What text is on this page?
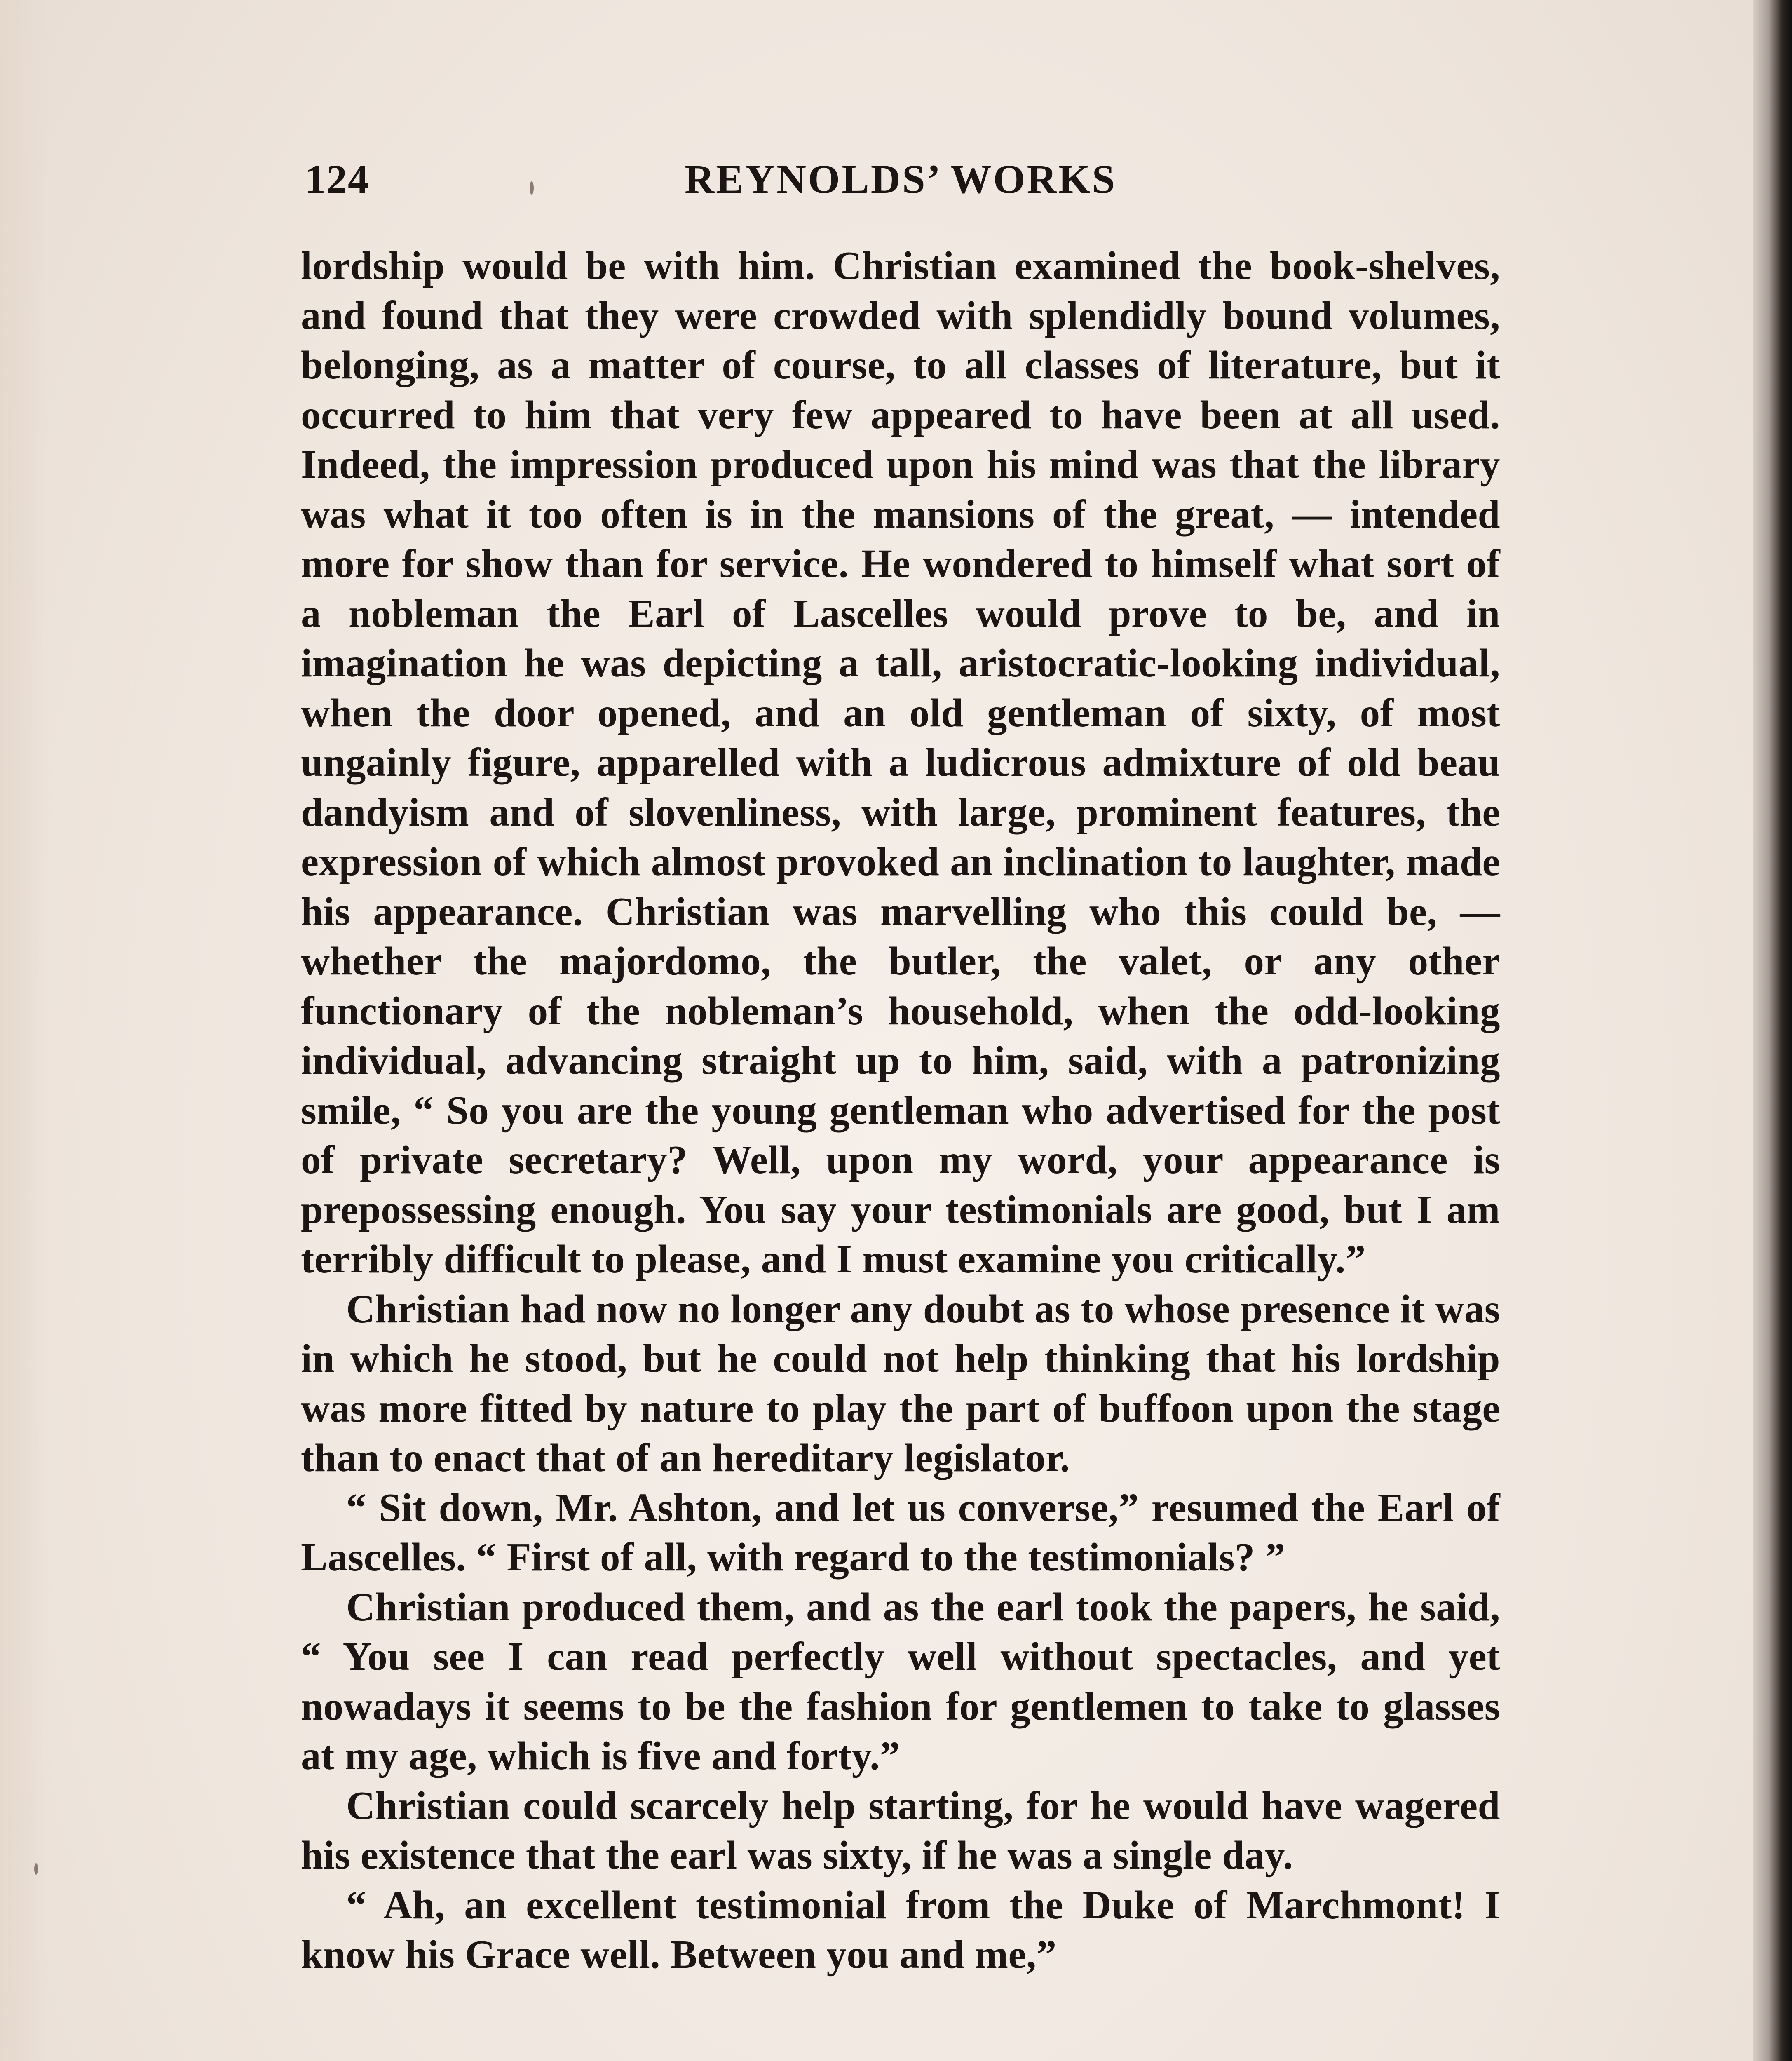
124	REYNOLDS’ WORKS

lordship would be with him. Christian examined the book-shelves, and found that they were crowded with splendidly bound volumes, belonging, as a matter of course, to all classes of literature, but it occurred to him that very few appeared to have been at all used. Indeed, the impression produced upon his mind was that the library was what it too often is in the mansions of the great, — intended more for show than for service. He wondered to himself what sort of a nobleman the Earl of Lascelles would prove to be, and in imagination he was depicting a tall, aristocratic-looking individual, when the door opened, and an old gentleman of sixty, of most ungainly figure, apparelled with a ludicrous admixture of old beau dandyism and of slovenliness, with large, prominent features, the expression of which almost provoked an inclination to laughter, made his appearance. Christian was marvelling who this could be, — whether the majordomo, the butler, the valet, or any other functionary of the nobleman’s household, when the odd-looking individual, advancing straight up to him, said, with a patronizing smile, “ So you are the young gentleman who advertised for the post of private secretary? Well, upon my word, your appearance is prepossessing enough. You say your testimonials are good, but I am terribly difficult to please, and I must examine you critically.”

Christian had now no longer any doubt as to whose presence it was in which he stood, but he could not help thinking that his lordship was more fitted by nature to play the part of buffoon upon the stage than to enact that of an hereditary legislator.

“ Sit down, Mr. Ashton, and let us converse,” resumed the Earl of Lascelles. “ First of all, with regard to the testimonials? ”

Christian produced them, and as the earl took the papers, he said, “ You see I can read perfectly well without spectacles, and yet nowadays it seems to be the fashion for gentlemen to take to glasses at my age, which is five and forty.”

Christian could scarcely help starting, for he would have wagered his existence that the earl was sixty, if he was a single day.

“ Ah, an excellent testimonial from the Duke of Marchmont! I know his Grace well. Between you and me,”
